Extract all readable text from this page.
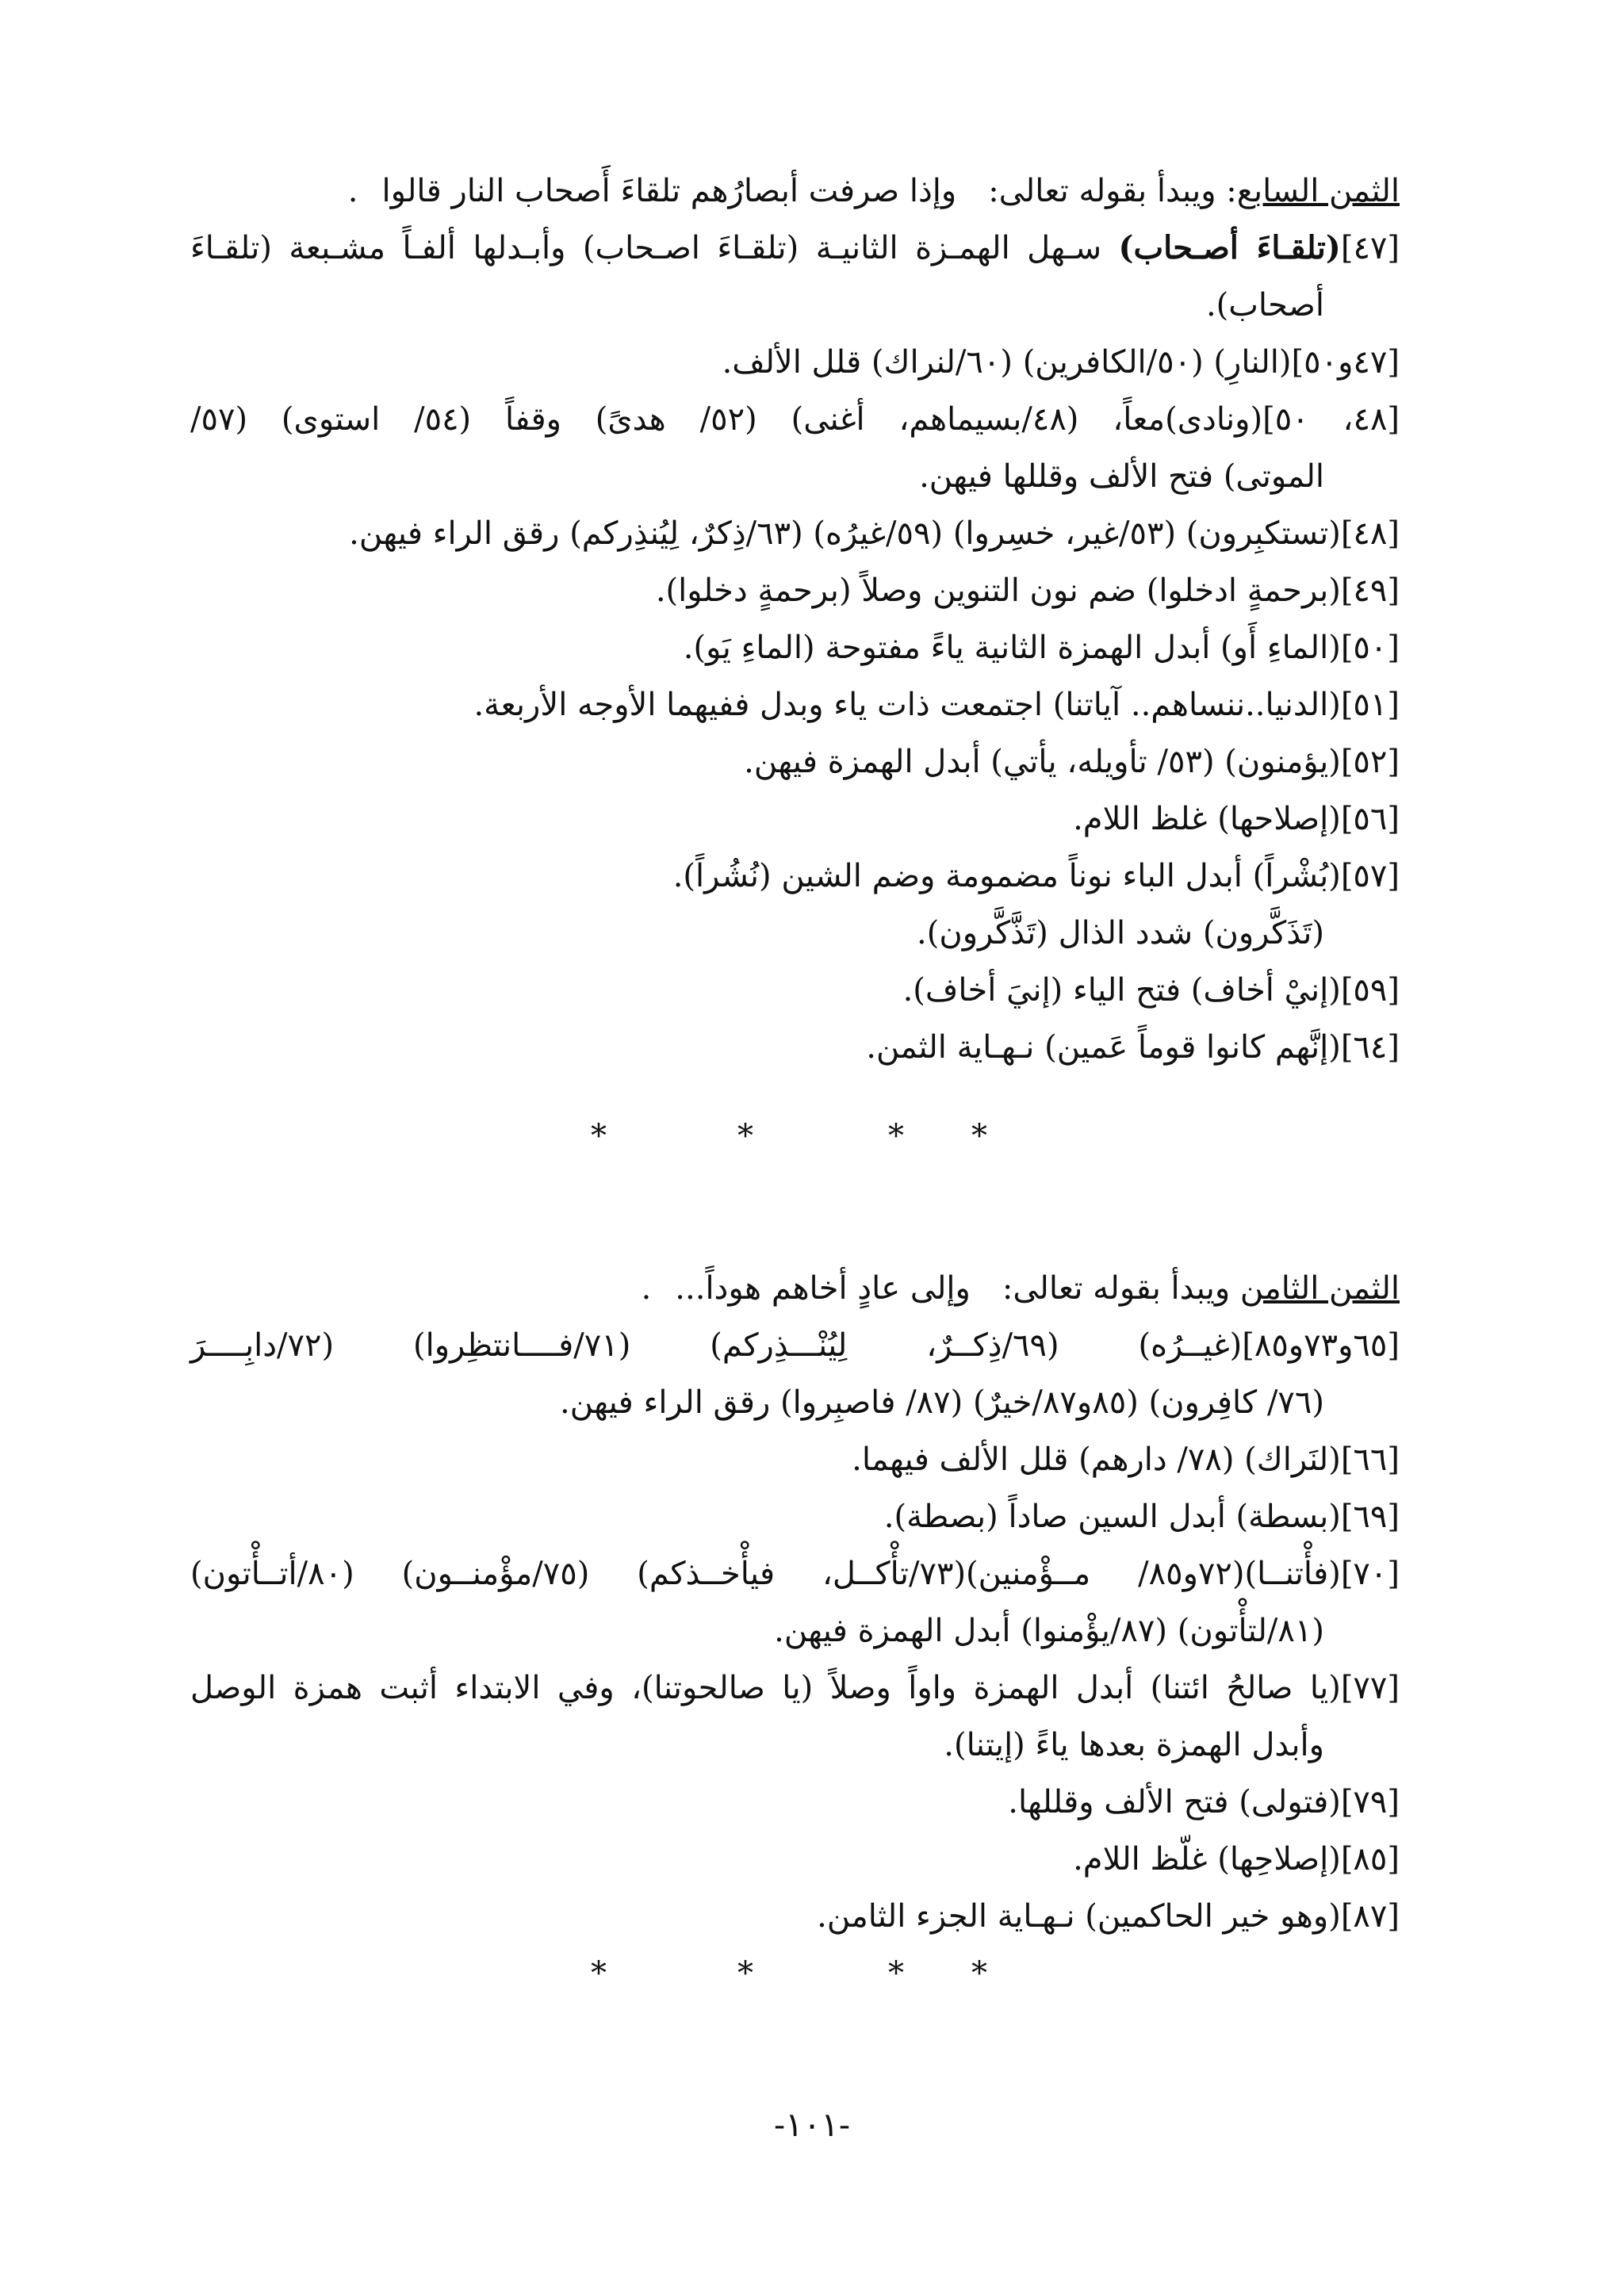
الثمن السابع: ويبدأ بقوله تعالى:وإذا صرفت أبصارُهم تلقاءَ أَصحاب النار قالوا.
[٤٧](تلقـاءَ أصـحاب) سـهل الهمـزة الثانيـة (تلقـاءَ اصـحاب) وأبـدلها ألفـاً مشـبعة (تلقـاءَ
أصحاب).
[٤٧و٥٠](النارِ) (٥٠/الكافرين) (٦٠/لنراك) قلل الألف.
[٤٨، ٥٠](ونادى)معاً، (٤٨/بسيماهم، أغنى) (٥٢/ هدىً) وقفاً (٥٤/ استوى) (٥٧/
الموتى) فتح الألف وقللها فيهن.
[٤٨](تستكبِرون) (٥٣/غير، خسِروا) (٥٩/غيرُه) (٦٣/ذِكرٌ، لِيُنذِركم) رقق الراء فيهن.
[٤٩](برحمةٍ ادخلوا) ضم نون التنوين وصلاً (برحمةٍ دخلوا).
[٥٠](الماءِ أَو) أبدل الهمزة الثانية ياءً مفتوحة (الماءِ يَو).
[٥١](الدنيا..ننساهم.. آياتنا) اجتمعت ذات ياء وبدل ففيهما الأوجه الأربعة.
[٥٢](يؤمنون) (٥٣/ تأويله، يأتي) أبدل الهمزة فيهن.
[٥٦](إصلاحها) غلظ اللام.
[٥٧](بُشْراً) أبدل الباء نوناً مضمومة وضم الشين (نُشُراً).
(تَذَكَّرون) شدد الذال (تَذَّكَّرون).
[٥٩](إنيْ أخاف) فتح الياء (إنيَ أخاف).
[٦٤](إنَّهم كانوا قوماً عَمين) نـهـاية الثمن.
*	*	* *
الثمن الثامن ويبدأ بقوله تعالى:وإلى عادٍ أخاهم هوداً....
[٦٥و٧٣و٨٥](غيــرُه) (٦٩/ذِكــرٌ، لِيُنْـــذِركم) (٧١/فــــانتظِروا) (٧٢/دابِــــرَ
(٧٦/ كافِرون) (٨٥و٨٧/خيرٌ) (٨٧/ فاصبِروا) رقق الراء فيهن.
[٦٦](لنَراك) (٧٨/ دارهم) قلل الألف فيهما.
[٦٩](بسطة) أبدل السين صاداً (بصطة).
[٧٠](فأْتنــا)(٧٢و٨٥/ مــؤْمنين)(٧٣/تأْكــل، فيأْخــذكم) (٧٥/مؤْمنــون) (٨٠/أتــأْتون)
(٨١/لتأْتون) (٨٧/يؤْمنوا) أبدل الهمزة فيهن.
[٧٧](يا صالحُ ائتنا) أبدل الهمزة واواً وصلاً (يا صالحوتنا)، وفي الابتداء أثبت همزة الوصل
وأبدل الهمزة بعدها ياءً (إيتنا).
[٧٩](فتولى) فتح الألف وقللها.
[٨٥](إصلاحِها) غلّظ اللام.
[٨٧](وهو خير الحاكمين) نـهـاية الجزء الثامن.
*	*	* *
-١٠١-
